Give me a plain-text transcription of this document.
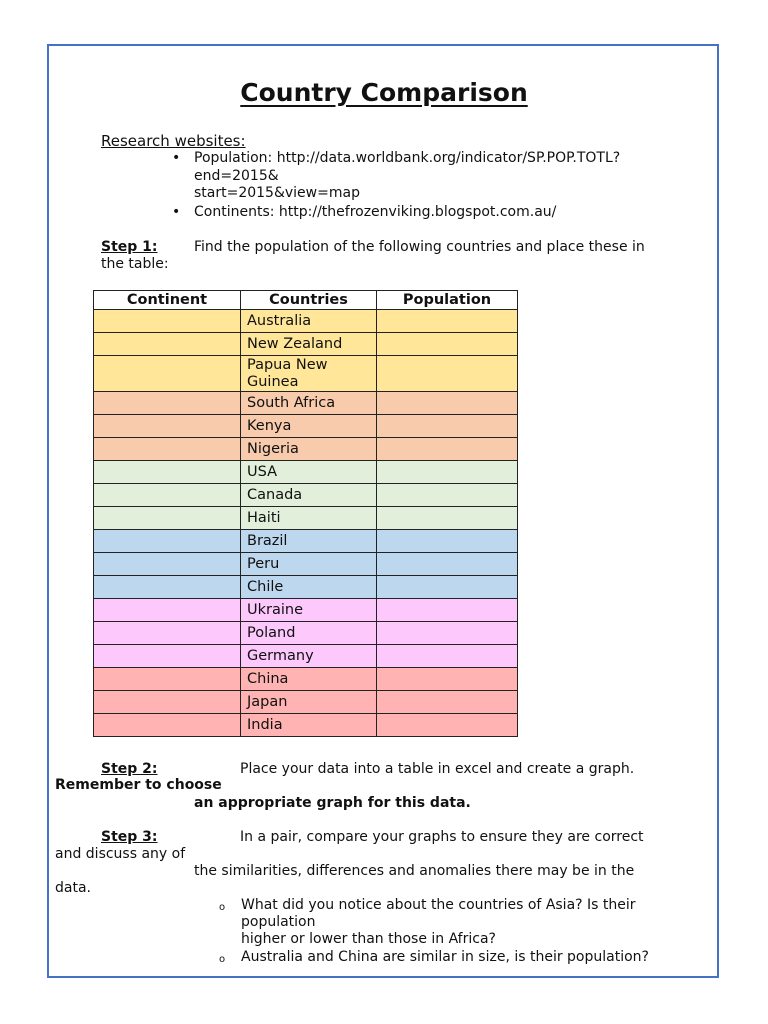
Country Comparison
Research websites:
• Population: http://data.worldbank.org/indicator/SP.POP.TOTL?
end=2015&
start=2015&view=map
• Continents: http://thefrozenviking.blogspot.com.au/
Step 1:	Find the population of the following countries and place these in
the table:
Continent	Countries	Population
	Australia	
	New Zealand	
	Papua New Guinea	
	South Africa	
	Kenya	
	Nigeria	
	USA	
	Canada	
	Haiti	
	Brazil	
	Peru	
	Chile	
	Ukraine	
	Poland	
	Germany	
	China	
	Japan	
	India	
Step 2:	Place your data into a table in excel and create a graph.
Remember to choose
an appropriate graph for this data.
Step 3:	In a pair, compare your graphs to ensure they are correct
and discuss any of
the similarities, differences and anomalies there may be in the
data.
o What did you notice about the countries of Asia? Is their
population
higher or lower than those in Africa?
o Australia and China are similar in size, is their population?
